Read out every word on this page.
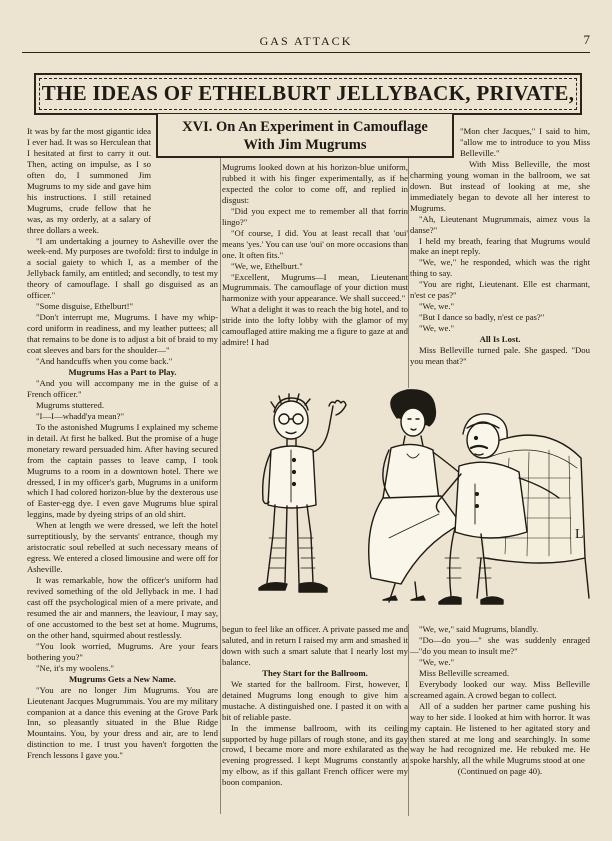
GAS ATTACK	7
THE IDEAS OF ETHELBURT JELLYBACK, PRIVATE,
XVI. On An Experiment in Camouflage
With Jim Mugrums

It was by far the most gigantic idea I ever had. It was so Herculean that I hesitated at first to carry it out. Then, acting on impulse, as I so often do, I summoned Jim Mugrums to my side and gave him his instructions. I still retained Mugrums, crude fellow that he was, as my orderly, at a salary of three dollars a week.

"I am undertaking a journey to Asheville over the week-end. My purposes are twofold: first to indulge in a social gaiety to which I, as a member of the Jellyback family, am entitled; and secondly, to test my theory of camouflage. I shall go disguised as an officer."

"Some disguise, Ethelburt!"

"Don't interrupt me, Mugrums. I have my whip-cord uniform in readiness, and my leather puttees; all that remains to be done is to adjust a bit of braid to my coat sleeves and bars for the shoulder—"

"And handcuffs when you come back."

Mugrums Has a Part to Play.

"And you will accompany me in the guise of a French officer."

Mugrums stuttered.

"I—I—whadd'ya mean?"

To the astonished Mugrums I explained my scheme in detail. At first he balked. But the promise of a huge monetary reward persuaded him. After having secured from the captain passes to leave camp, I took Mugrums to a room in a downtown hotel. There we dressed, I in my officer's garb, Mugrums in a uniform which I had colored horizon-blue by the dexterous use of Easter-egg dye. I even gave Mugrums blue spiral leggins, made by dyeing strips of an old shirt.

When at length we were dressed, we left the hotel surreptitiously, by the servants' entrance, though my aristocratic soul rebelled at such necessary means of egress. We entered a closed limousine and were off for Asheville.

It was remarkable, how the officer's uniform had revived something of the old Jellyback in me. I had cast off the psychological mien of a mere private, and resumed the air and manners, the leaviour, I may say, of one accustomed to the best set at home. Mugrums, on the other hand, squirmed about restlessly.

"You look worried, Mugrums. Are your fears bothering you?"

"Ne, it's my woolens."

Mugrums Gets a New Name.

"You are no longer Jim Mugrums. You are Lieutenant Jacques Mugrummais. You are my military companion at a dance this evening at the Grove Park Inn, so pleasantly situated in the Blue Ridge Mountains. You, by your dress and air, are to lend distinction to me. I trust you haven't forgotten the French lessons I gave you."

Mugrums looked down at his horizon-blue uniform, rubbed it with his finger experimentally, as if he expected the color to come off, and replied in disgust:

"Did you expect me to remember all that forrin lingo?"

"Of course, I did. You at least recall that 'oui' means 'yes.' You can use 'oui' on more occasions than one. It often fits."

"We, we, Ethelburt."

"Excellent, Mugrums—I mean, Lieutenant Mugrummais. The camouflage of your diction must harmonize with your appearance. We shall succeed."

What a delight it was to reach the big hotel, and to stride into the lofty lobby with the glamor of my camouflaged attire making me a figure to gaze at and admire! I had

"Mon cher Jacques," I said to him, "allow me to introduce to you Miss Belleville."

With Miss Belleville, the most charming young woman in the ballroom, we sat down. But instead of looking at me, she immediately began to devote all her interest to Mugrums.

"Ah, Lieutenant Mugrummais, aimez vous la danse?"

I held my breath, fearing that Mugrums would make an inept reply.

"We, we," he responded, which was the right thing to say.

"You are right, Lieutenant. Elle est charmant, n'est ce pas?"

"We, we."

"But I dance so badly, n'est ce pas?"

"We, we."

All Is Lost.

Miss Belleville turned pale. She gasped. "Dou you mean that?"

L

begun to feel like an officer. A private passed me and saluted, and in return I raised my arm and smashed it down with such a smart salute that I nearly lost my balance.

They Start for the Ballroom.

We started for the ballroom. First, however, I detained Mugrums long enough to give him a mustache. A distinguished one. I pasted it on with a bit of reliable paste.

In the immense ballroom, with its ceiling supported by huge pillars of rough stone, and its gay crowd, I became more and more exhilarated as the evening progressed. I kept Mugrums constantly at my elbow, as if this gallant French officer were my boon companion.

"We, we," said Mugrums, blandly.

"Do—do you—" she was suddenly enraged —"do you mean to insult me?"

"We, we."

Miss Belleville screamed.

Everybody looked our way. Miss Belleville screamed again. A crowd began to collect.

All of a sudden her partner came pushing his way to her side. I looked at him with horror. It was my captain. He listened to her agitated story and then stared at me long and searchingly. In some way he had recognized me. He rebuked me. He spoke harshly, all the while Mugrums stood at one

(Continued on page 40).
